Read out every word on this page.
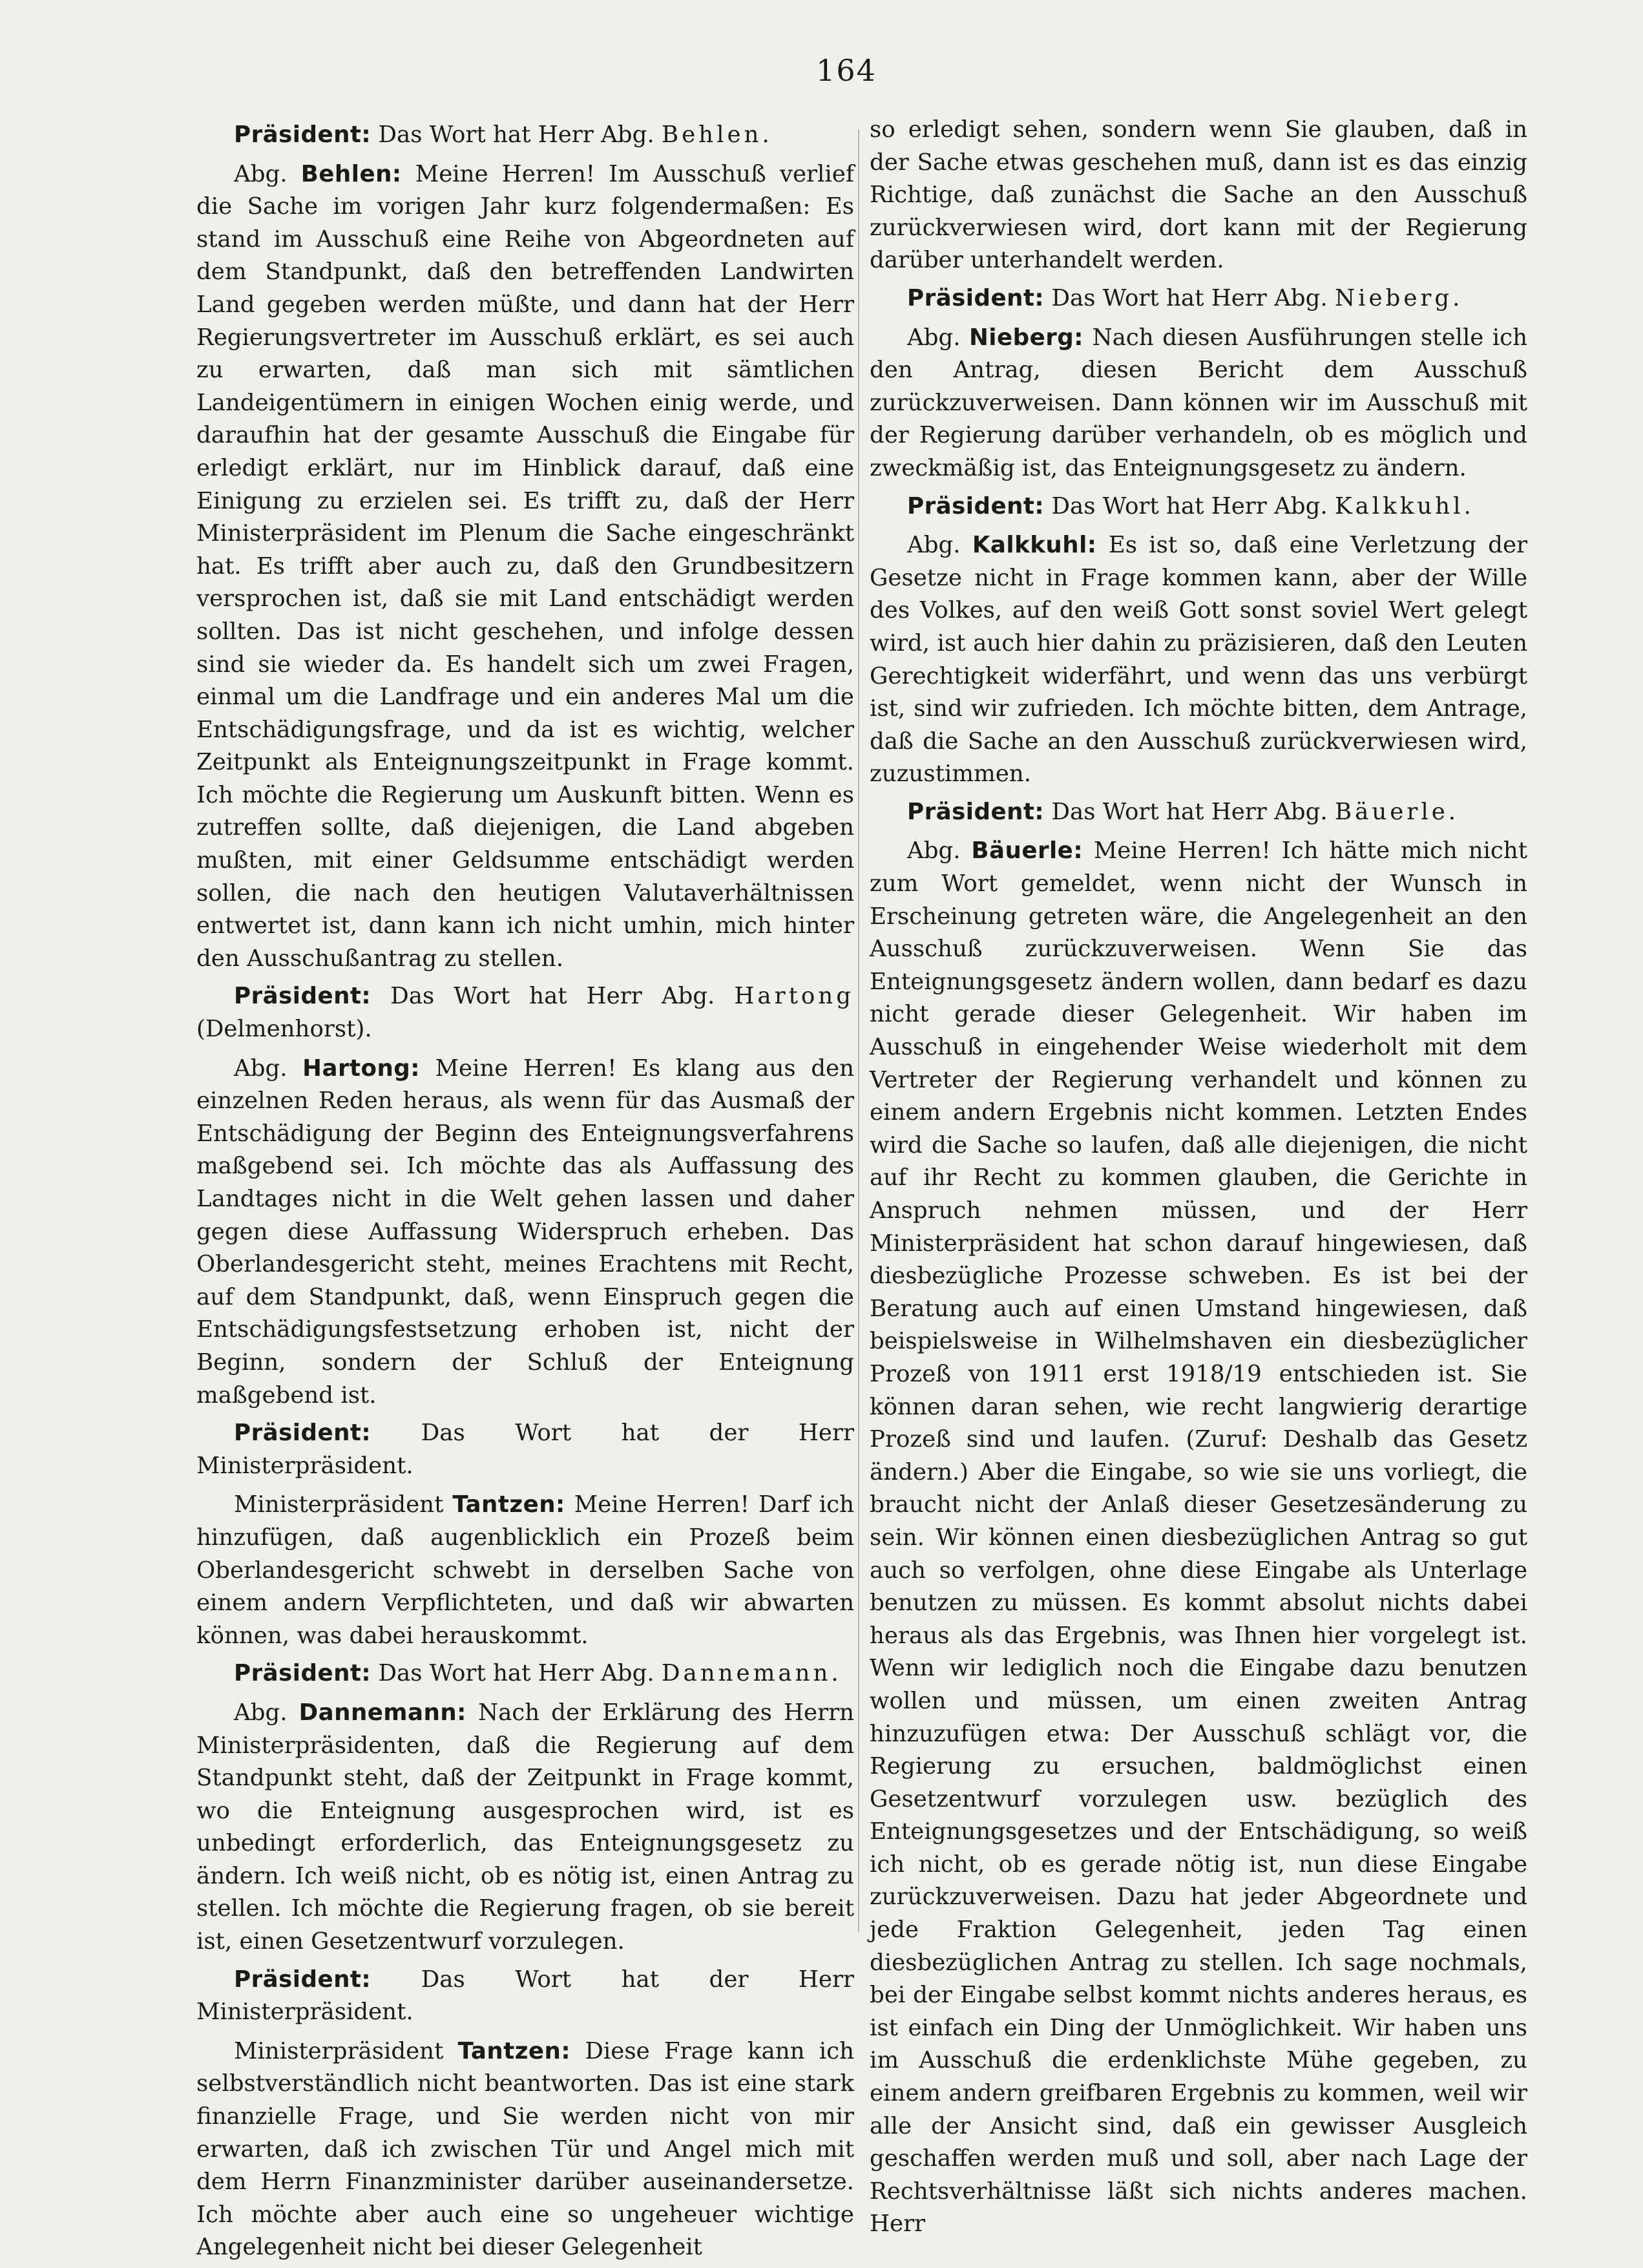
164

Präsident: Das Wort hat Herr Abg. Behlen.

Abg. Behlen: Meine Herren! Im Ausschuß verlief die Sache im vorigen Jahr kurz folgendermaßen: Es stand im Ausschuß eine Reihe von Abgeordneten auf dem Standpunkt, daß den betreffenden Landwirten Land gegeben werden müßte, und dann hat der Herr Regierungsvertreter im Ausschuß erklärt, es sei auch zu erwarten, daß man sich mit sämtlichen Landeigentümern in einigen Wochen einig werde, und daraufhin hat der gesamte Ausschuß die Eingabe für erledigt erklärt, nur im Hinblick darauf, daß eine Einigung zu erzielen sei. Es trifft zu, daß der Herr Ministerpräsident im Plenum die Sache eingeschränkt hat. Es trifft aber auch zu, daß den Grundbesitzern versprochen ist, daß sie mit Land entschädigt werden sollten. Das ist nicht geschehen, und infolge dessen sind sie wieder da. Es handelt sich um zwei Fragen, einmal um die Landfrage und ein anderes Mal um die Entschädigungsfrage, und da ist es wichtig, welcher Zeitpunkt als Enteignungszeitpunkt in Frage kommt. Ich möchte die Regierung um Auskunft bitten. Wenn es zutreffen sollte, daß diejenigen, die Land abgeben mußten, mit einer Geldsumme entschädigt werden sollen, die nach den heutigen Valutaverhältnissen entwertet ist, dann kann ich nicht umhin, mich hinter den Ausschußantrag zu stellen.

Präsident: Das Wort hat Herr Abg. Hartong (Delmenhorst).

Abg. Hartong: Meine Herren! Es klang aus den einzelnen Reden heraus, als wenn für das Ausmaß der Entschädigung der Beginn des Enteignungsverfahrens maßgebend sei. Ich möchte das als Auffassung des Landtages nicht in die Welt gehen lassen und daher gegen diese Auffassung Widerspruch erheben. Das Oberlandesgericht steht, meines Erachtens mit Recht, auf dem Standpunkt, daß, wenn Einspruch gegen die Entschädigungsfestsetzung erhoben ist, nicht der Beginn, sondern der Schluß der Enteignung maßgebend ist.

Präsident: Das Wort hat der Herr Ministerpräsident.

Ministerpräsident Tantzen: Meine Herren! Darf ich hinzufügen, daß augenblicklich ein Prozeß beim Oberlandesgericht schwebt in derselben Sache von einem andern Verpflichteten, und daß wir abwarten können, was dabei herauskommt.

Präsident: Das Wort hat Herr Abg. Dannemann.

Abg. Dannemann: Nach der Erklärung des Herrn Ministerpräsidenten, daß die Regierung auf dem Standpunkt steht, daß der Zeitpunkt in Frage kommt, wo die Enteignung ausgesprochen wird, ist es unbedingt erforderlich, das Enteignungsgesetz zu ändern. Ich weiß nicht, ob es nötig ist, einen Antrag zu stellen. Ich möchte die Regierung fragen, ob sie bereit ist, einen Gesetzentwurf vorzulegen.

Präsident: Das Wort hat der Herr Ministerpräsident.

Ministerpräsident Tantzen: Diese Frage kann ich selbstverständlich nicht beantworten. Das ist eine stark finanzielle Frage, und Sie werden nicht von mir erwarten, daß ich zwischen Tür und Angel mich mit dem Herrn Finanzminister darüber auseinandersetze. Ich möchte aber auch eine so ungeheuer wichtige Angelegenheit nicht bei dieser Gelegenheit

so erledigt sehen, sondern wenn Sie glauben, daß in der Sache etwas geschehen muß, dann ist es das einzig Richtige, daß zunächst die Sache an den Ausschuß zurückverwiesen wird, dort kann mit der Regierung darüber unterhandelt werden.

Präsident: Das Wort hat Herr Abg. Nieberg.

Abg. Nieberg: Nach diesen Ausführungen stelle ich den Antrag, diesen Bericht dem Ausschuß zurückzuverweisen. Dann können wir im Ausschuß mit der Regierung darüber verhandeln, ob es möglich und zweckmäßig ist, das Enteignungsgesetz zu ändern.

Präsident: Das Wort hat Herr Abg. Kalkkuhl.

Abg. Kalkkuhl: Es ist so, daß eine Verletzung der Gesetze nicht in Frage kommen kann, aber der Wille des Volkes, auf den weiß Gott sonst soviel Wert gelegt wird, ist auch hier dahin zu präzisieren, daß den Leuten Gerechtigkeit widerfährt, und wenn das uns verbürgt ist, sind wir zufrieden. Ich möchte bitten, dem Antrage, daß die Sache an den Ausschuß zurückverwiesen wird, zuzustimmen.

Präsident: Das Wort hat Herr Abg. Bäuerle.

Abg. Bäuerle: Meine Herren! Ich hätte mich nicht zum Wort gemeldet, wenn nicht der Wunsch in Erscheinung getreten wäre, die Angelegenheit an den Ausschuß zurückzuverweisen. Wenn Sie das Enteignungsgesetz ändern wollen, dann bedarf es dazu nicht gerade dieser Gelegenheit. Wir haben im Ausschuß in eingehender Weise wiederholt mit dem Vertreter der Regierung verhandelt und können zu einem andern Ergebnis nicht kommen. Letzten Endes wird die Sache so laufen, daß alle diejenigen, die nicht auf ihr Recht zu kommen glauben, die Gerichte in Anspruch nehmen müssen, und der Herr Ministerpräsident hat schon darauf hingewiesen, daß diesbezügliche Prozesse schweben. Es ist bei der Beratung auch auf einen Umstand hingewiesen, daß beispielsweise in Wilhelmshaven ein diesbezüglicher Prozeß von 1911 erst 1918/19 entschieden ist. Sie können daran sehen, wie recht langwierig derartige Prozeß sind und laufen. (Zuruf: Deshalb das Gesetz ändern.) Aber die Eingabe, so wie sie uns vorliegt, die braucht nicht der Anlaß dieser Gesetzesänderung zu sein. Wir können einen diesbezüglichen Antrag so gut auch so verfolgen, ohne diese Eingabe als Unterlage benutzen zu müssen. Es kommt absolut nichts dabei heraus als das Ergebnis, was Ihnen hier vorgelegt ist. Wenn wir lediglich noch die Eingabe dazu benutzen wollen und müssen, um einen zweiten Antrag hinzuzufügen etwa: Der Ausschuß schlägt vor, die Regierung zu ersuchen, baldmöglichst einen Gesetzentwurf vorzulegen usw. bezüglich des Enteignungsgesetzes und der Entschädigung, so weiß ich nicht, ob es gerade nötig ist, nun diese Eingabe zurückzuverweisen. Dazu hat jeder Abgeordnete und jede Fraktion Gelegenheit, jeden Tag einen diesbezüglichen Antrag zu stellen. Ich sage nochmals, bei der Eingabe selbst kommt nichts anderes heraus, es ist einfach ein Ding der Unmöglichkeit. Wir haben uns im Ausschuß die erdenklichste Mühe gegeben, zu einem andern greifbaren Ergebnis zu kommen, weil wir alle der Ansicht sind, daß ein gewisser Ausgleich geschaffen werden muß und soll, aber nach Lage der Rechtsverhältnisse läßt sich nichts anderes machen. Herr
